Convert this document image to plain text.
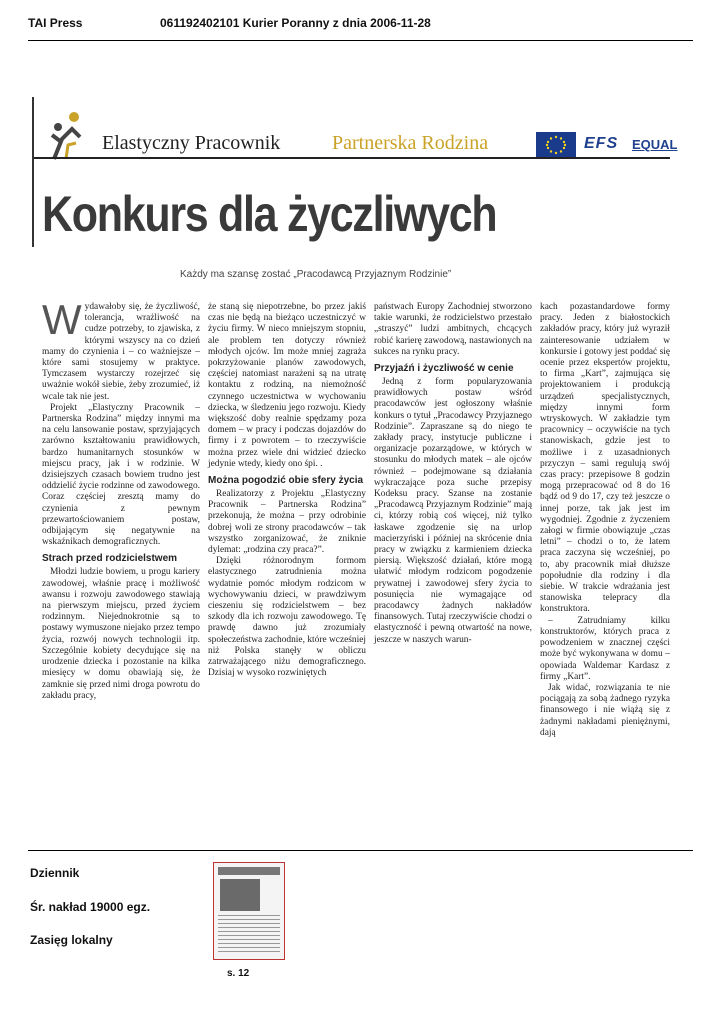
TAI Press	061192402101 Kurier Poranny z dnia 2006-11-28
Elastyczny Pracownik	Partnerska Rodzina	EFS EQUAL
Konkurs dla życzliwych
Każdy ma szansę zostać „Pracodawcą Przyjaznym Rodzinie”

Wydawałoby się, że życzliwość, tolerancja, wrażliwość na cudze potrzeby, to zjawiska, z którymi wszyscy na co dzień mamy do czynienia i – co ważniejsze – które sami stosujemy w praktyce. Tymczasem wystarczy rozejrzeć się uważnie wokół siebie, żeby zrozumieć, iż wcale tak nie jest.

Projekt „Elastyczny Pracownik – Partnerska Rodzina” między innymi ma na celu lansowanie postaw, sprzyjających zarówno kształtowaniu prawidłowych, bardzo humanitarnych stosunków w miejscu pracy, jak i w rodzinie. W dzisiejszych czasach bowiem trudno jest oddzielić życie rodzinne od zawodowego. Coraz częściej zresztą mamy do czynienia z pewnym przewartościowaniem postaw, odbijającym się negatywnie na wskaźnikach demograficznych.

Strach przed rodzicielstwem

Młodzi ludzie bowiem, u progu kariery zawodowej, właśnie pracę i możliwość awansu i rozwoju zawodowego stawiają na pierwszym miejscu, przed życiem rodzinnym. Niejednokrotnie są to postawy wymuszone niejako przez tempo życia, rozwój nowych technologii itp. Szczególnie kobiety decydujące się na urodzenie dziecka i pozostanie na kilka miesięcy w domu obawiają się, że zamknie się przed nimi droga powrotu do zakładu pracy,

że staną się niepotrzebne, bo przez jakiś czas nie będą na bieżąco uczestniczyć w życiu firmy. W nieco mniejszym stopniu, ale problem ten dotyczy również młodych ojców. Im może mniej zagraża pokrzyżowanie planów zawodowych, częściej natomiast narażeni są na utratę kontaktu z rodziną, na niemożność czynnego uczestnictwa w wychowaniu dziecka, w śledzeniu jego rozwoju. Kiedy większość doby realnie spędzamy poza domem – w pracy i podczas dojazdów do firmy i z powrotem – to rzeczywiście można przez wiele dni widzieć dziecko jedynie wtedy, kiedy ono śpi. .

Można pogodzić obie sfery życia

Realizatorzy z Projektu „Elastyczny Pracownik – Partnerska Rodzina” przekonują, że można – przy odrobinie dobrej woli ze strony pracodawców – tak wszystko zorganizować, że zniknie dylemat: „rodzina czy praca?”.

Dzięki różnorodnym formom elastycznego zatrudnienia można wydatnie pomóc młodym rodzicom w wychowywaniu dzieci, w prawdziwym cieszeniu się rodzicielstwem – bez szkody dla ich rozwoju zawodowego. Tę prawdę dawno już zrozumiały społeczeństwa zachodnie, które wcześniej niż Polska stanęły w obliczu zatrważającego niżu demograficznego. Dzisiaj w wysoko rozwiniętych

państwach Europy Zachodniej stworzono takie warunki, że rodzicielstwo przestało „straszyć” ludzi ambitnych, chcących robić karierę zawodową, nastawionych na sukces na rynku pracy.

Przyjaźń i życzliwość w cenie

Jedną z form popularyzowania prawidłowych postaw wśród pracodawców jest ogłoszony właśnie konkurs o tytuł „Pracodawcy Przyjaznego Rodzinie”. Zapraszane są do niego te zakłady pracy, instytucje publiczne i organizacje pozarządowe, w których w stosunku do młodych matek – ale ojców również – podejmowane są działania wykraczające poza suche przepisy Kodeksu pracy. Szanse na zostanie „Pracodawcą Przyjaznym Rodzinie” mają ci, którzy robią coś więcej, niż tylko łaskawe zgodzenie się na urlop macierzyński i później na skrócenie dnia pracy w związku z karmieniem dziecka piersią. Większość działań, które mogą ułatwić młodym rodzicom pogodzenie prywatnej i zawodowej sfery życia to posunięcia nie wymagające od pracodawcy żadnych nakładów finansowych. Tutaj rzeczywiście chodzi o elastyczność i pewną otwartość na nowe, jeszcze w naszych warun-

kach pozastandardowe formy pracy. Jeden z białostockich zakładów pracy, który już wyraził zainteresowanie udziałem w konkursie i gotowy jest poddać się ocenie przez ekspertów projektu, to firma „Kart”, zajmująca się projektowaniem i produkcją urządzeń specjalistycznych, między innymi form wtryskowych. W zakładzie tym pracownicy – oczywiście na tych stanowiskach, gdzie jest to możliwe i z uzasadnionych przyczyn – sami regulują swój czas pracy: przepisowe 8 godzin mogą przepracować od 8 do 16 bądź od 9 do 17, czy też jeszcze o innej porze, tak jak jest im wygodniej. Zgodnie z życzeniem załogi w firmie obowiązuje „czas letni” – chodzi o to, że latem praca zaczyna się wcześniej, po to, aby pracownik miał dłuższe popołudnie dla rodziny i dla siebie. W trakcie wdrażania jest stanowiska telepracy dla konstruktora.

– Zatrudniamy kilku konstruktorów, których praca z powodzeniem w znacznej części może być wykonywana w domu – opowiada Waldemar Kardasz z firmy „Kart”.

Jak widać, rozwiązania te nie pociągają za sobą żadnego ryzyka finansowego i nie wiążą się z żadnymi nakładami pieniężnymi, dają

Dziennik
Śr. nakład 19000 egz.
Zasięg lokalny
s. 12
